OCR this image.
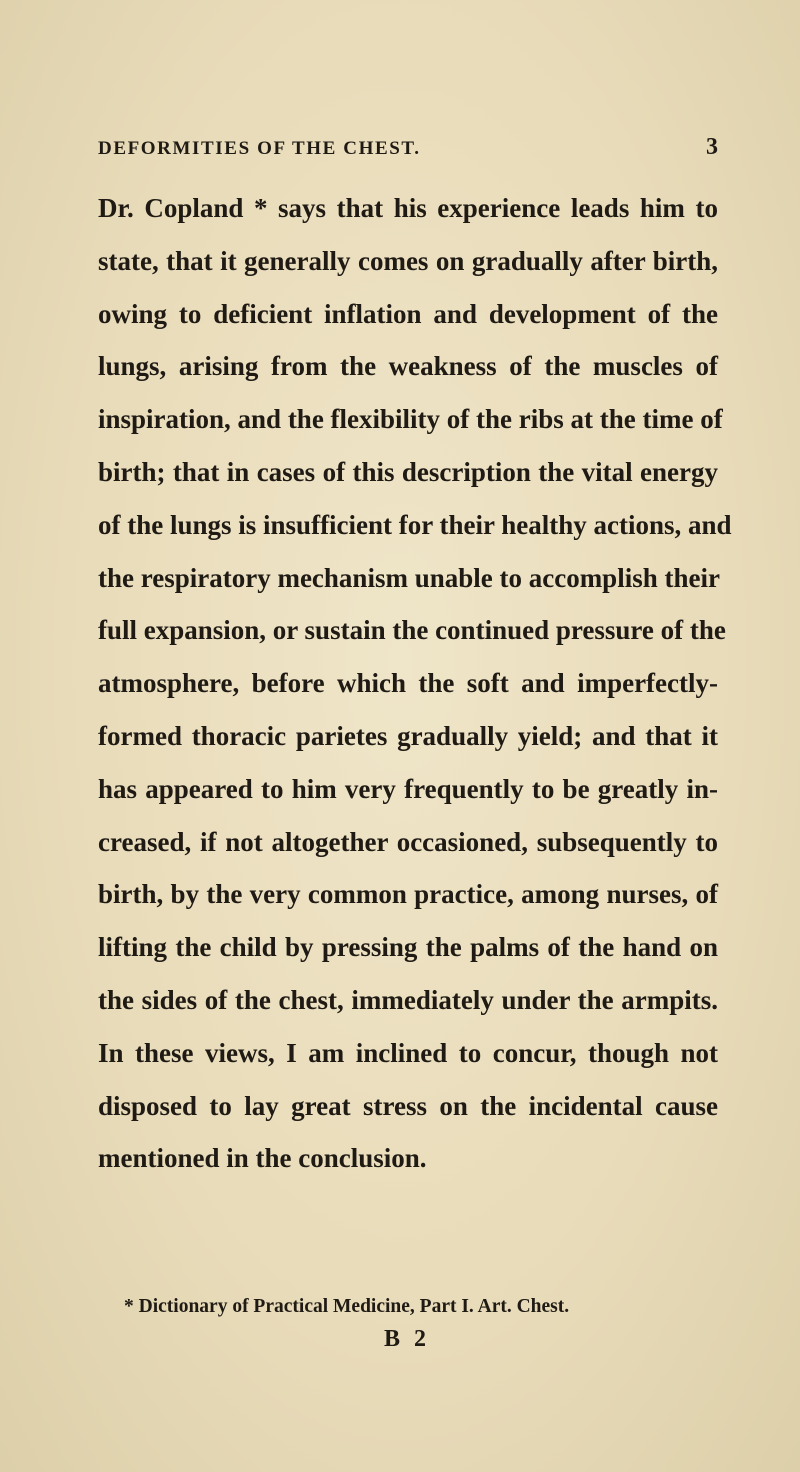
DEFORMITIES OF THE CHEST.	3
Dr. Copland * says that his experience leads him to
state, that it generally comes on gradually after birth,
owing to deficient inflation and development of the
lungs, arising from the weakness of the muscles of
inspiration, and the flexibility of the ribs at the time of
birth; that in cases of this description the vital energy
of the lungs is insufficient for their healthy actions, and
the respiratory mechanism unable to accomplish their
full expansion, or sustain the continued pressure of the
atmosphere, before which the soft and imperfectly-
formed thoracic parietes gradually yield; and that it
has appeared to him very frequently to be greatly in-
creased, if not altogether occasioned, subsequently to
birth, by the very common practice, among nurses, of
lifting the child by pressing the palms of the hand on
the sides of the chest, immediately under the armpits.
In these views, I am inclined to concur, though not
disposed to lay great stress on the incidental cause
mentioned in the conclusion.
* Dictionary of Practical Medicine, Part I. Art. Chest.
B 2
